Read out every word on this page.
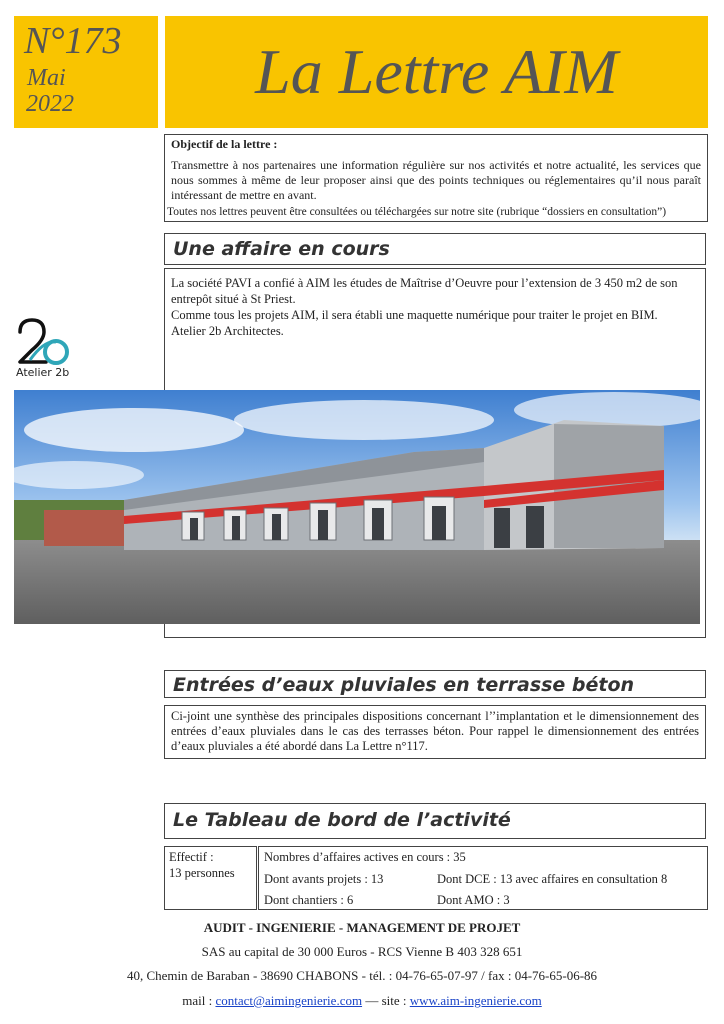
N°173
Mai
2022	La Lettre AIM
Objectif de la lettre :
Transmettre à nos partenaires une information régulière sur nos activités et notre actualité, les services que nous sommes à même de leur proposer ainsi que des points techniques ou réglementaires qu’il nous paraît intéressant de mettre en avant.
Toutes nos lettres peuvent être consultées ou téléchargées sur notre site (rubrique “dossiers en consultation”)
Une affaire en cours
La société PAVI a confié à AIM les études de Maîtrise d’Oeuvre pour l’extension de 3 450 m2 de son entrepôt situé à St Priest.
Comme tous les projets AIM, il sera établi une maquette numérique pour traiter le projet en BIM.
Atelier 2b Architectes.
Atelier 2b
Entrées d’eaux pluviales en terrasse béton
Ci-joint une synthèse des principales dispositions concernant l’’implantation et le dimensionnement des entrées d’eaux pluviales dans le cas des terrasses béton. Pour rappel le dimensionnement des entrées d’eaux pluviales a été abordé dans La Lettre n°117.
Le Tableau de bord de l’activité
Effectif :
13 personnes
Nombres d’affaires actives en cours : 35
Dont avants projets : 13	Dont DCE : 13 avec affaires en consultation 8
Dont chantiers : 6	Dont AMO : 3
AUDIT - INGENIERIE - MANAGEMENT DE PROJET
SAS au capital de 30 000 Euros - RCS Vienne B 403 328 651
40, Chemin de Baraban - 38690 CHABONS - tél. : 04-76-65-07-97 / fax : 04-76-65-06-86
mail : contact@aimingenierie.com — site : www.aim-ingenierie.com
